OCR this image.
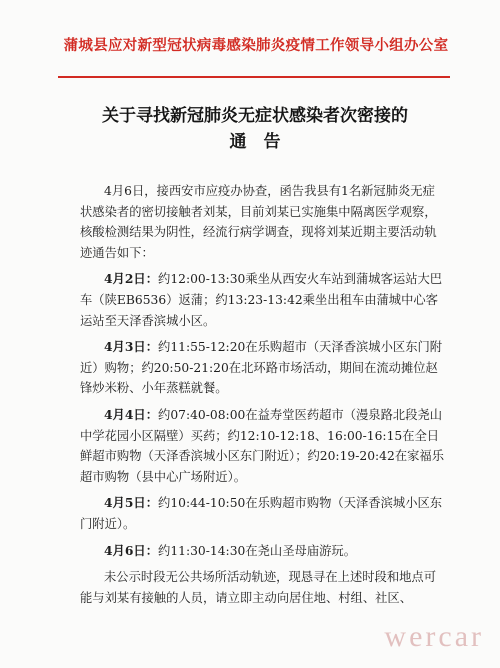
蒲城县应对新型冠状病毒感染肺炎疫情工作领导小组办公室
关于寻找新冠肺炎无症状感染者次密接的
通　告

4月6日，接西安市应疫办协查，函告我县有1名新冠肺炎无症状感染者的密切接触者刘某，目前刘某已实施集中隔离医学观察，核酸检测结果为阴性，经流行病学调查，现将刘某近期主要活动轨迹通告如下：

4月2日：约12:00-13:30乘坐从西安火车站到蒲城客运站大巴车（陕EB6536）返蒲；约13:23-13:42乘坐出租车由蒲城中心客运站至天泽香滨城小区。

4月3日：约11:55-12:20在乐购超市（天泽香滨城小区东门附近）购物；约20:50-21:20在北环路市场活动，期间在流动摊位赵锋炒米粉、小年蒸糕就餐。

4月4日：约07:40-08:00在益寿堂医药超市（漫泉路北段尧山中学花园小区隔壁）买药；约12:10-12:18、16:00-16:15在全日鲜超市购物（天泽香滨城小区东门附近）；约20:19-20:42在家福乐超市购物（县中心广场附近）。

4月5日：约10:44-10:50在乐购超市购物（天泽香滨城小区东门附近）。

4月6日：约11:30-14:30在尧山圣母庙游玩。

未公示时段无公共场所活动轨迹，现恳寻在上述时段和地点可能与刘某有接触的人员，请立即主动向居住地、村组、社区、

wercar
